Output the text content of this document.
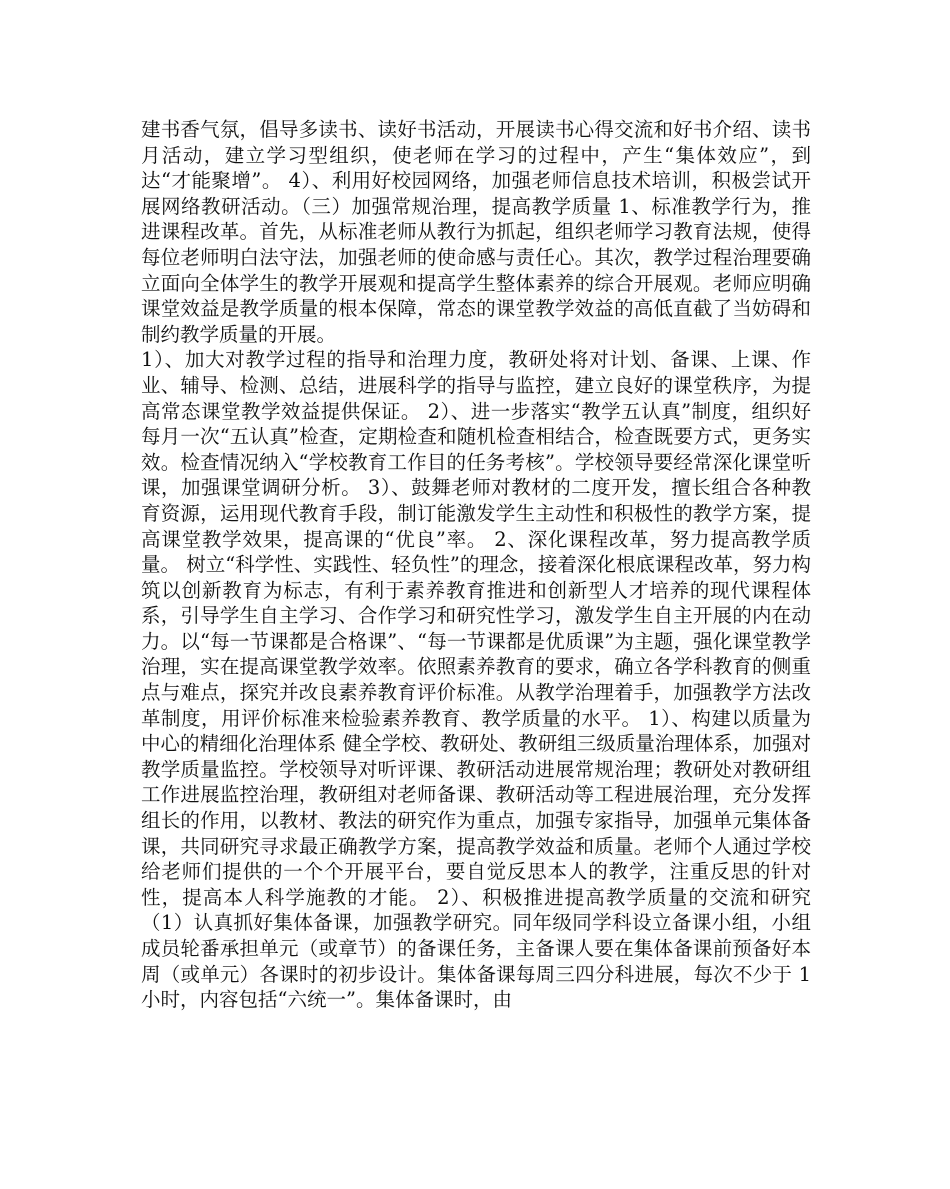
建书香气氛，倡导多读书、读好书活动，开展读书心得交流和好书介绍、读书月活动，建立学习型组织，使老师在学习的过程中，产生“集体效应”，到达“才能聚增”。 4）、利用好校园网络，加强老师信息技术培训，积极尝试开展网络教研活动。（三）加强常规治理，提高教学质量 1、标准教学行为，推进课程改革。首先，从标准老师从教行为抓起，组织老师学习教育法规，使得每位老师明白法守法，加强老师的使命感与责任心。其次，教学过程治理要确立面向全体学生的教学开展观和提高学生整体素养的综合开展观。老师应明确课堂效益是教学质量的根本保障，常态的课堂教学效益的高低直截了当妨碍和制约教学质量的开展。

1）、加大对教学过程的指导和治理力度，教研处将对计划、备课、上课、作业、辅导、检测、总结，进展科学的指导与监控，建立良好的课堂秩序，为提高常态课堂教学效益提供保证。 2）、进一步落实“教学五认真”制度，组织好每月一次“五认真”检查，定期检查和随机检查相结合，检查既要方式，更务实效。检查情况纳入“学校教育工作目的任务考核”。学校领导要经常深化课堂听课，加强课堂调研分析。 3）、鼓舞老师对教材的二度开发，擅长组合各种教育资源，运用现代教育手段，制订能激发学生主动性和积极性的教学方案，提高课堂教学效果，提高课的“优良”率。 2、深化课程改革，努力提高教学质量。 树立“科学性、实践性、轻负性”的理念，接着深化根底课程改革，努力构筑以创新教育为标志，有利于素养教育推进和创新型人才培养的现代课程体系，引导学生自主学习、合作学习和研究性学习，激发学生自主开展的内在动力。以“每一节课都是合格课”、“每一节课都是优质课”为主题，强化课堂教学治理，实在提高课堂教学效率。依照素养教育的要求，确立各学科教育的侧重点与难点，探究并改良素养教育评价标准。从教学治理着手，加强教学方法改革制度，用评价标准来检验素养教育、教学质量的水平。 1）、构建以质量为中心的精细化治理体系 健全学校、教研处、教研组三级质量治理体系，加强对教学质量监控。学校领导对听评课、教研活动进展常规治理；教研处对教研组工作进展监控治理，教研组对老师备课、教研活动等工程进展治理，充分发挥组长的作用，以教材、教法的研究作为重点，加强专家指导，加强单元集体备课，共同研究寻求最正确教学方案，提高教学效益和质量。老师个人通过学校给老师们提供的一个个开展平台，要自觉反思本人的教学，注重反思的针对性，提高本人科学施教的才能。 2）、积极推进提高教学质量的交流和研究（1）认真抓好集体备课，加强教学研究。同年级同学科设立备课小组，小组成员轮番承担单元（或章节）的备课任务，主备课人要在集体备课前预备好本周（或单元）各课时的初步设计。集体备课每周三四分科进展，每次不少于 1 小时，内容包括“六统一”。集体备课时，由
